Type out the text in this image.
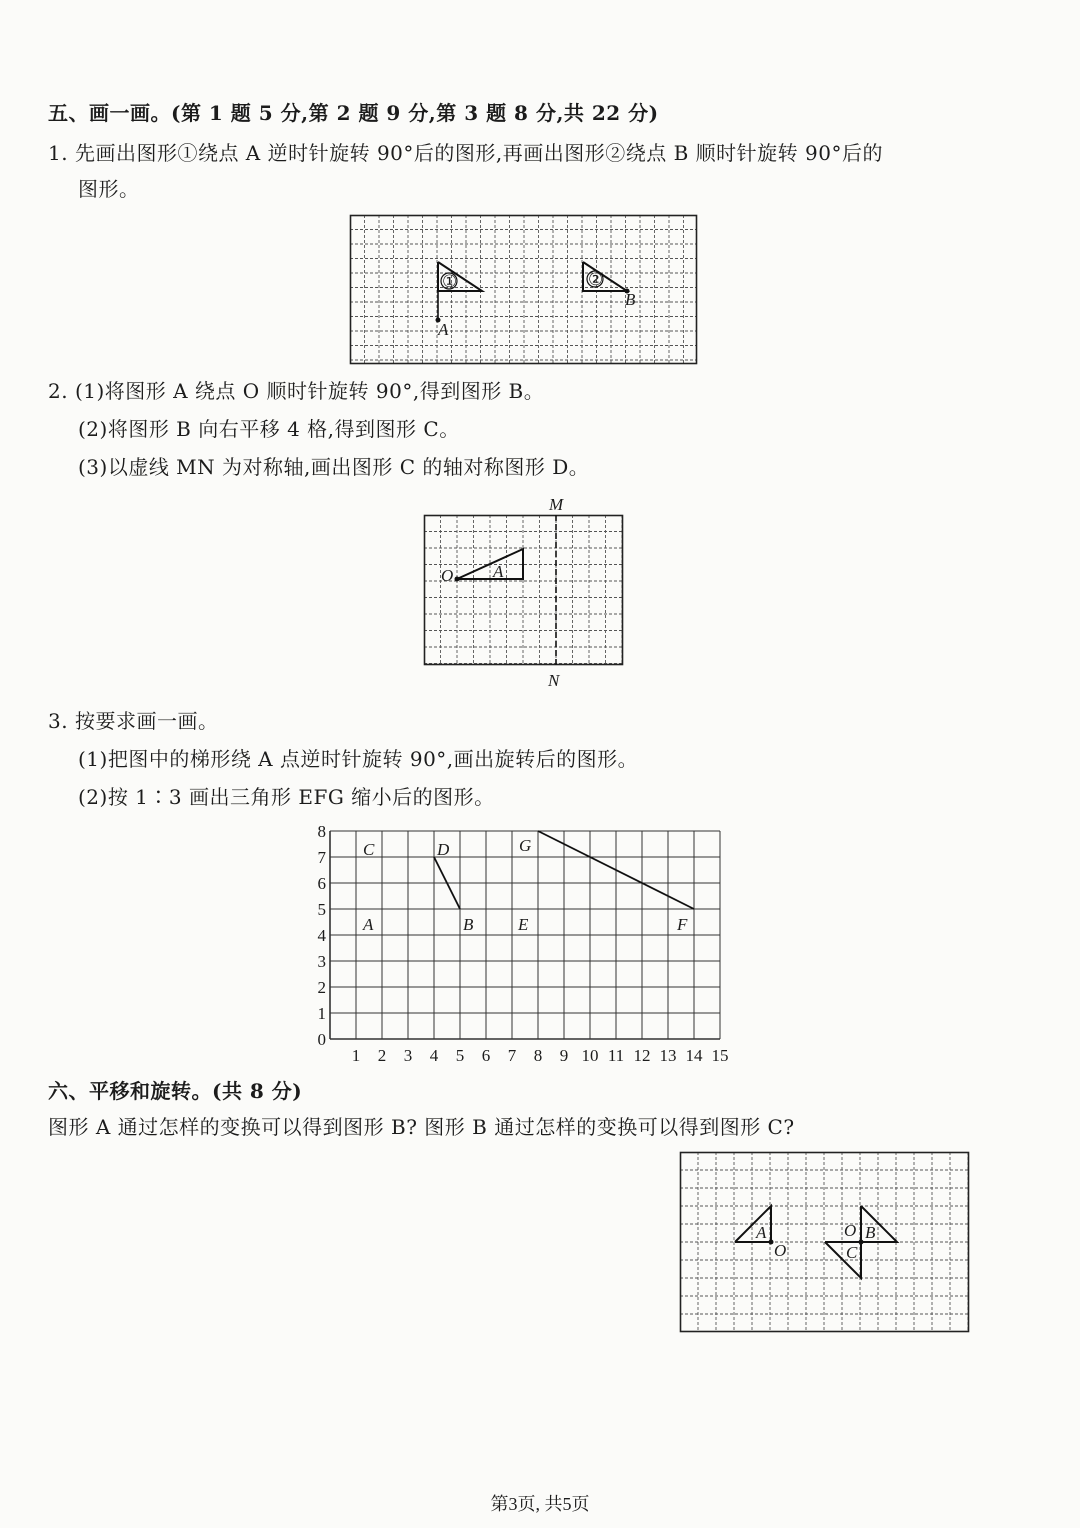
五、画一画。(第 1 题 5 分,第 2 题 9 分,第 3 题 8 分,共 22 分)
1. 先画出图形①绕点 A 逆时针旋转 90°后的图形,再画出图形②绕点 B 顺时针旋转 90°后的
图形。
①
A
②
B
2. (1)将图形 A 绕点 O 顺时针旋转 90°,得到图形 B。
(2)将图形 B 向右平移 4 格,得到图形 C。
(3)以虚线 MN 为对称轴,画出图形 C 的轴对称图形 D。
M
N
O A
3. 按要求画一画。
(1)把图中的梯形绕 A 点逆时针旋转 90°,画出旋转后的图形。
(2)按 1∶3 画出三角形 EFG 缩小后的图形。
1 2 3 4 5 6 7 8 9 10 11 12 13 14 15
0
1
2
3
4
5
6
7
8
C	D	G
A	B	E	F
六、平移和旋转。(共 8 分)
图形 A 通过怎样的变换可以得到图形 B? 图形 B 通过怎样的变换可以得到图形 C?
A
O
O B
C
第3页, 共5页
